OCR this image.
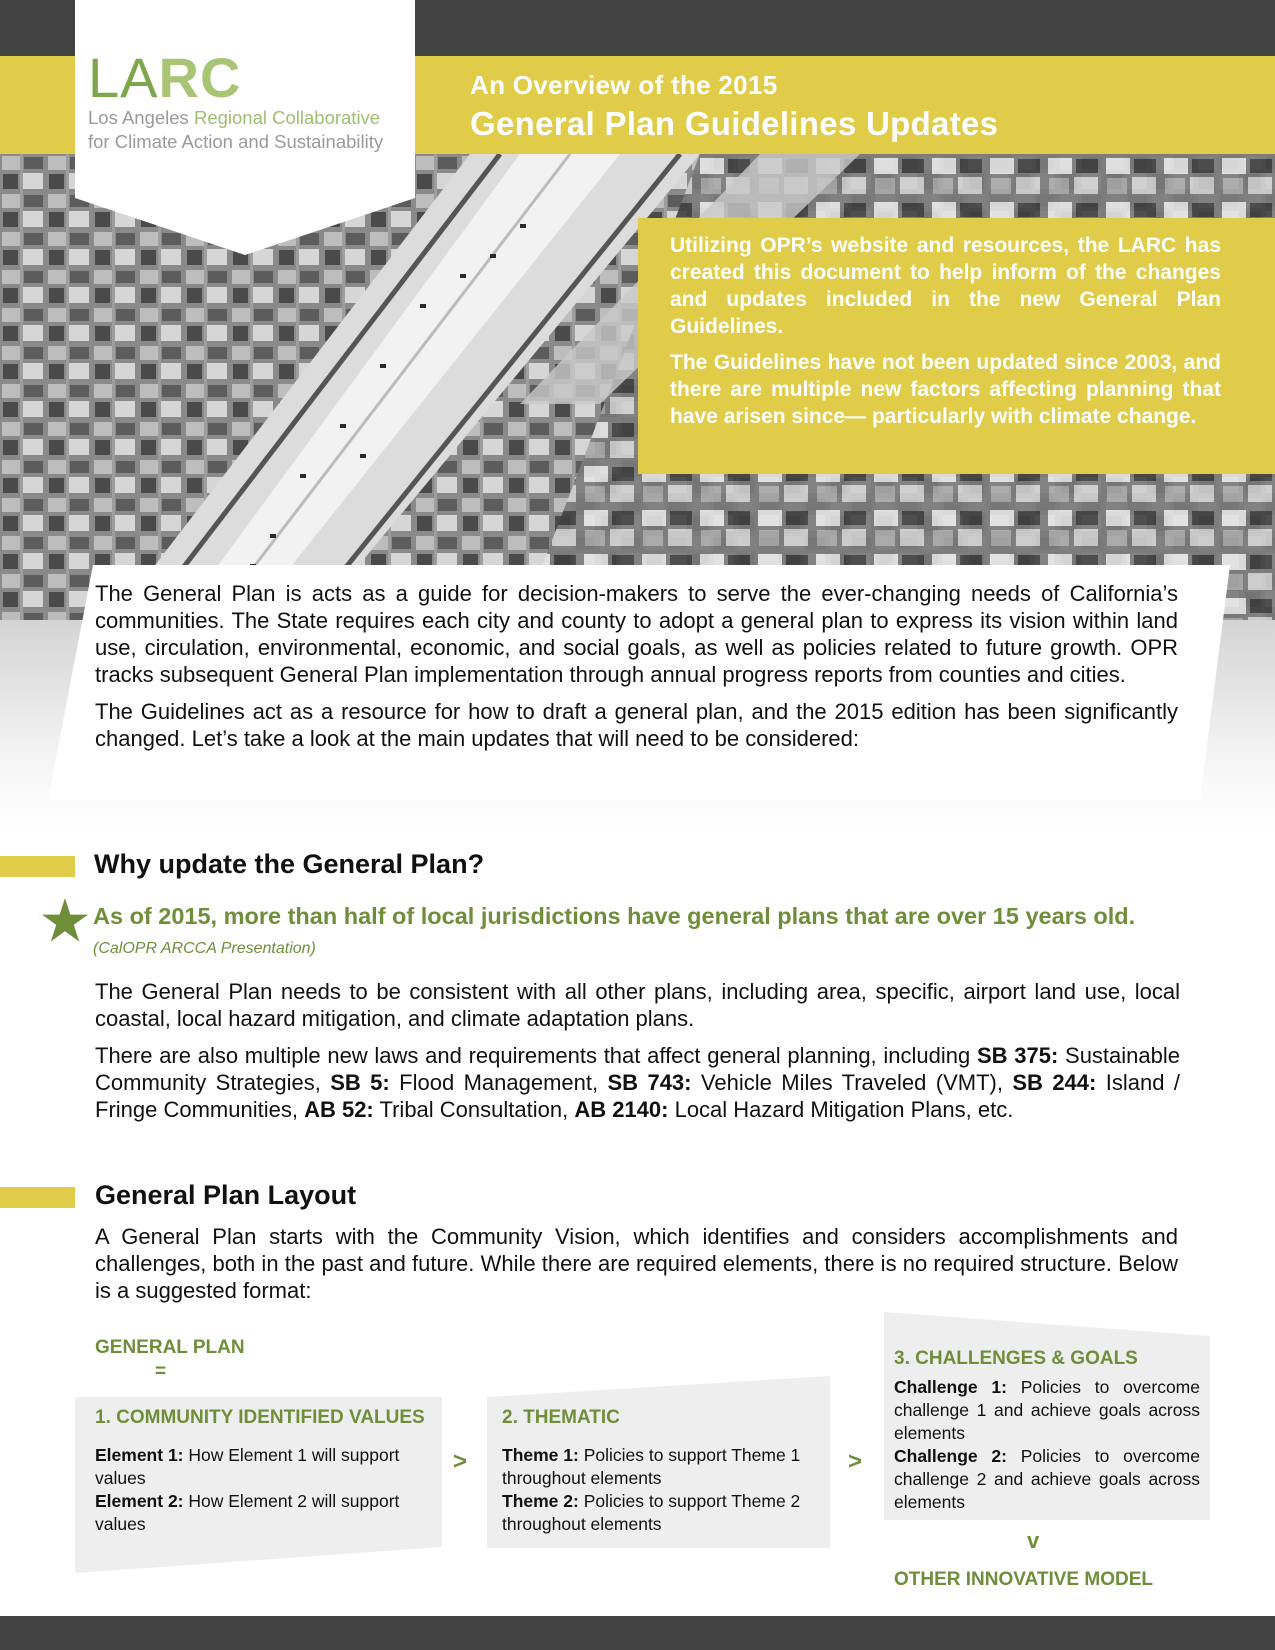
LARC
Los Angeles Regional Collaborative
for Climate Action and Sustainability
An Overview of the 2015
General Plan Guidelines Updates

Utilizing OPR’s website and resources, the LARC has created this document to help inform of the changes and updates included in the new General Plan Guidelines.

The Guidelines have not been updated since 2003, and there are multiple new factors affecting planning that have arisen since— particularly with climate change.

The General Plan is acts as a guide for decision-makers to serve the ever-changing needs of California’s communities. The State requires each city and county to adopt a general plan to express its vision within land use, circulation, environmental, economic, and social goals, as well as policies related to future growth. OPR tracks subsequent General Plan implementation through annual progress reports from counties and cities.

The Guidelines act as a resource for how to draft a general plan, and the 2015 edition has been significantly changed. Let’s take a look at the main updates that will need to be considered:

Why update the General Plan?
As of 2015, more than half of local jurisdictions have general plans that are over 15 years old. (CalOPR ARCCA Presentation)

The General Plan needs to be consistent with all other plans, including area, specific, airport land use, local coastal, local hazard mitigation, and climate adaptation plans.

There are also multiple new laws and requirements that affect general planning, including SB 375: Sustainable Community Strategies, SB 5: Flood Management, SB 743: Vehicle Miles Traveled (VMT), SB 244: Island / Fringe Communities, AB 52: Tribal Consultation, AB 2140: Local Hazard Mitigation Plans, etc.

General Plan Layout

A General Plan starts with the Community Vision, which identifies and considers accomplishments and challenges, both in the past and future. While there are required elements, there is no required structure. Below is a suggested format:

GENERAL PLAN
=
1. COMMUNITY IDENTIFIED VALUES
Element 1: How Element 1 will support values
Element 2: How Element 2 will support values
>
2. THEMATIC
Theme 1: Policies to support Theme 1 throughout elements
Theme 2: Policies to support Theme 2 throughout elements
>
3. CHALLENGES & GOALS
Challenge 1: Policies to overcome challenge 1 and achieve goals across elements
Challenge 2: Policies to overcome challenge 2 and achieve goals across elements
v
OTHER INNOVATIVE MODEL
